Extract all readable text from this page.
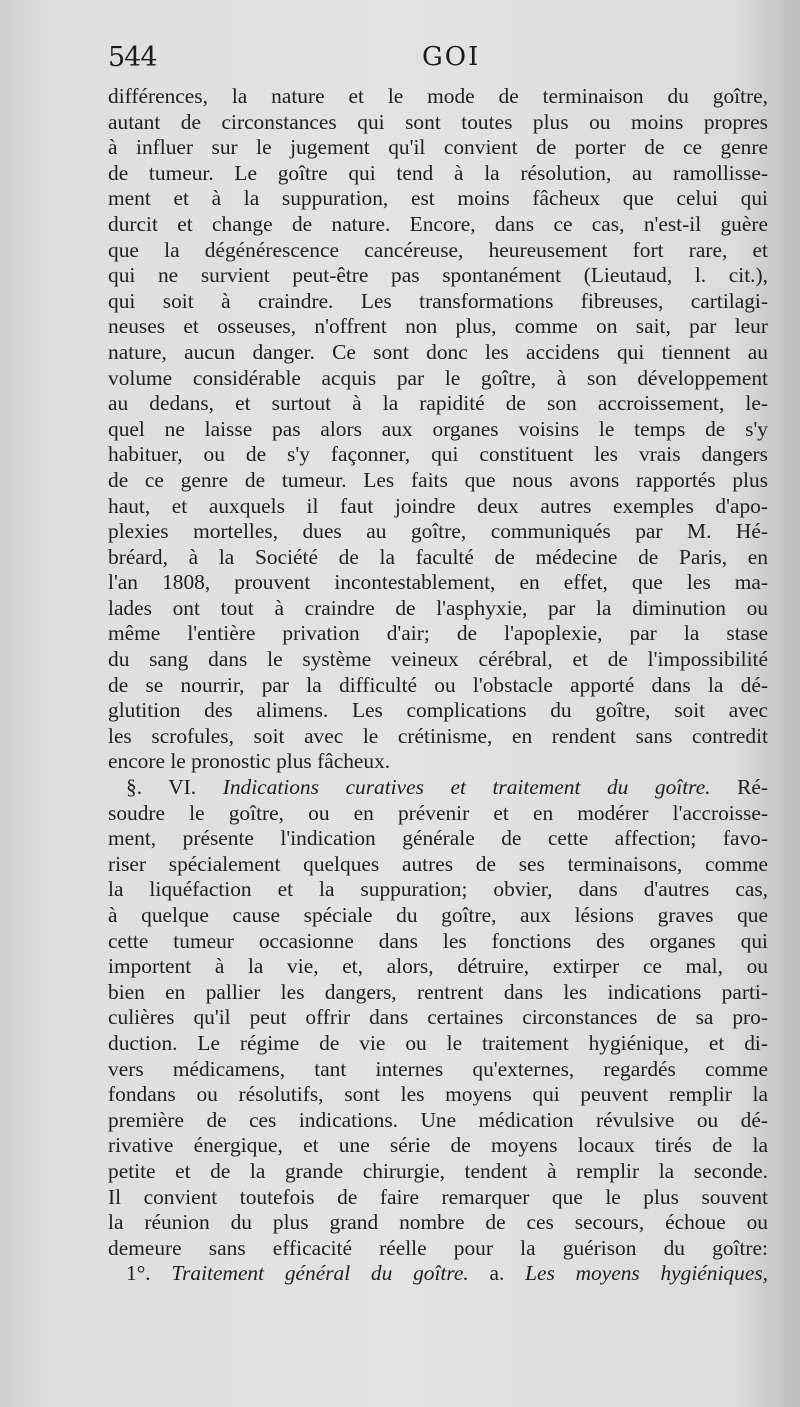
544	GOI
différences, la nature et le mode de terminaison du goître,
autant de circonstances qui sont toutes plus ou moins propres
à influer sur le jugement qu'il convient de porter de ce genre
de tumeur. Le goître qui tend à la résolution, au ramollisse-
ment et à la suppuration, est moins fâcheux que celui qui
durcit et change de nature. Encore, dans ce cas, n'est-il guère
que la dégénérescence cancéreuse, heureusement fort rare, et
qui ne survient peut-être pas spontanément (Lieutaud, l. cit.),
qui soit à craindre. Les transformations fibreuses, cartilagi-
neuses et osseuses, n'offrent non plus, comme on sait, par leur
nature, aucun danger. Ce sont donc les accidens qui tiennent au
volume considérable acquis par le goître, à son développement
au dedans, et surtout à la rapidité de son accroissement, le-
quel ne laisse pas alors aux organes voisins le temps de s'y
habituer, ou de s'y façonner, qui constituent les vrais dangers
de ce genre de tumeur. Les faits que nous avons rapportés plus
haut, et auxquels il faut joindre deux autres exemples d'apo-
plexies mortelles, dues au goître, communiqués par M. Hé-
bréard, à la Société de la faculté de médecine de Paris, en
l'an 1808, prouvent incontestablement, en effet, que les ma-
lades ont tout à craindre de l'asphyxie, par la diminution ou
même l'entière privation d'air; de l'apoplexie, par la stase
du sang dans le système veineux cérébral, et de l'impossibilité
de se nourrir, par la difficulté ou l'obstacle apporté dans la dé-
glutition des alimens. Les complications du goître, soit avec
les scrofules, soit avec le crétinisme, en rendent sans contredit
encore le pronostic plus fâcheux.
§. VI. Indications curatives et traitement du goître. Ré-
soudre le goître, ou en prévenir et en modérer l'accroisse-
ment, présente l'indication générale de cette affection; favo-
riser spécialement quelques autres de ses terminaisons, comme
la liquéfaction et la suppuration; obvier, dans d'autres cas,
à quelque cause spéciale du goître, aux lésions graves que
cette tumeur occasionne dans les fonctions des organes qui
importent à la vie, et, alors, détruire, extirper ce mal, ou
bien en pallier les dangers, rentrent dans les indications parti-
culières qu'il peut offrir dans certaines circonstances de sa pro-
duction. Le régime de vie ou le traitement hygiénique, et di-
vers médicamens, tant internes qu'externes, regardés comme
fondans ou résolutifs, sont les moyens qui peuvent remplir la
première de ces indications. Une médication révulsive ou dé-
rivative énergique, et une série de moyens locaux tirés de la
petite et de la grande chirurgie, tendent à remplir la seconde.
Il convient toutefois de faire remarquer que le plus souvent
la réunion du plus grand nombre de ces secours, échoue ou
demeure sans efficacité réelle pour la guérison du goître:
1°. Traitement général du goître. a. Les moyens hygiéniques,
